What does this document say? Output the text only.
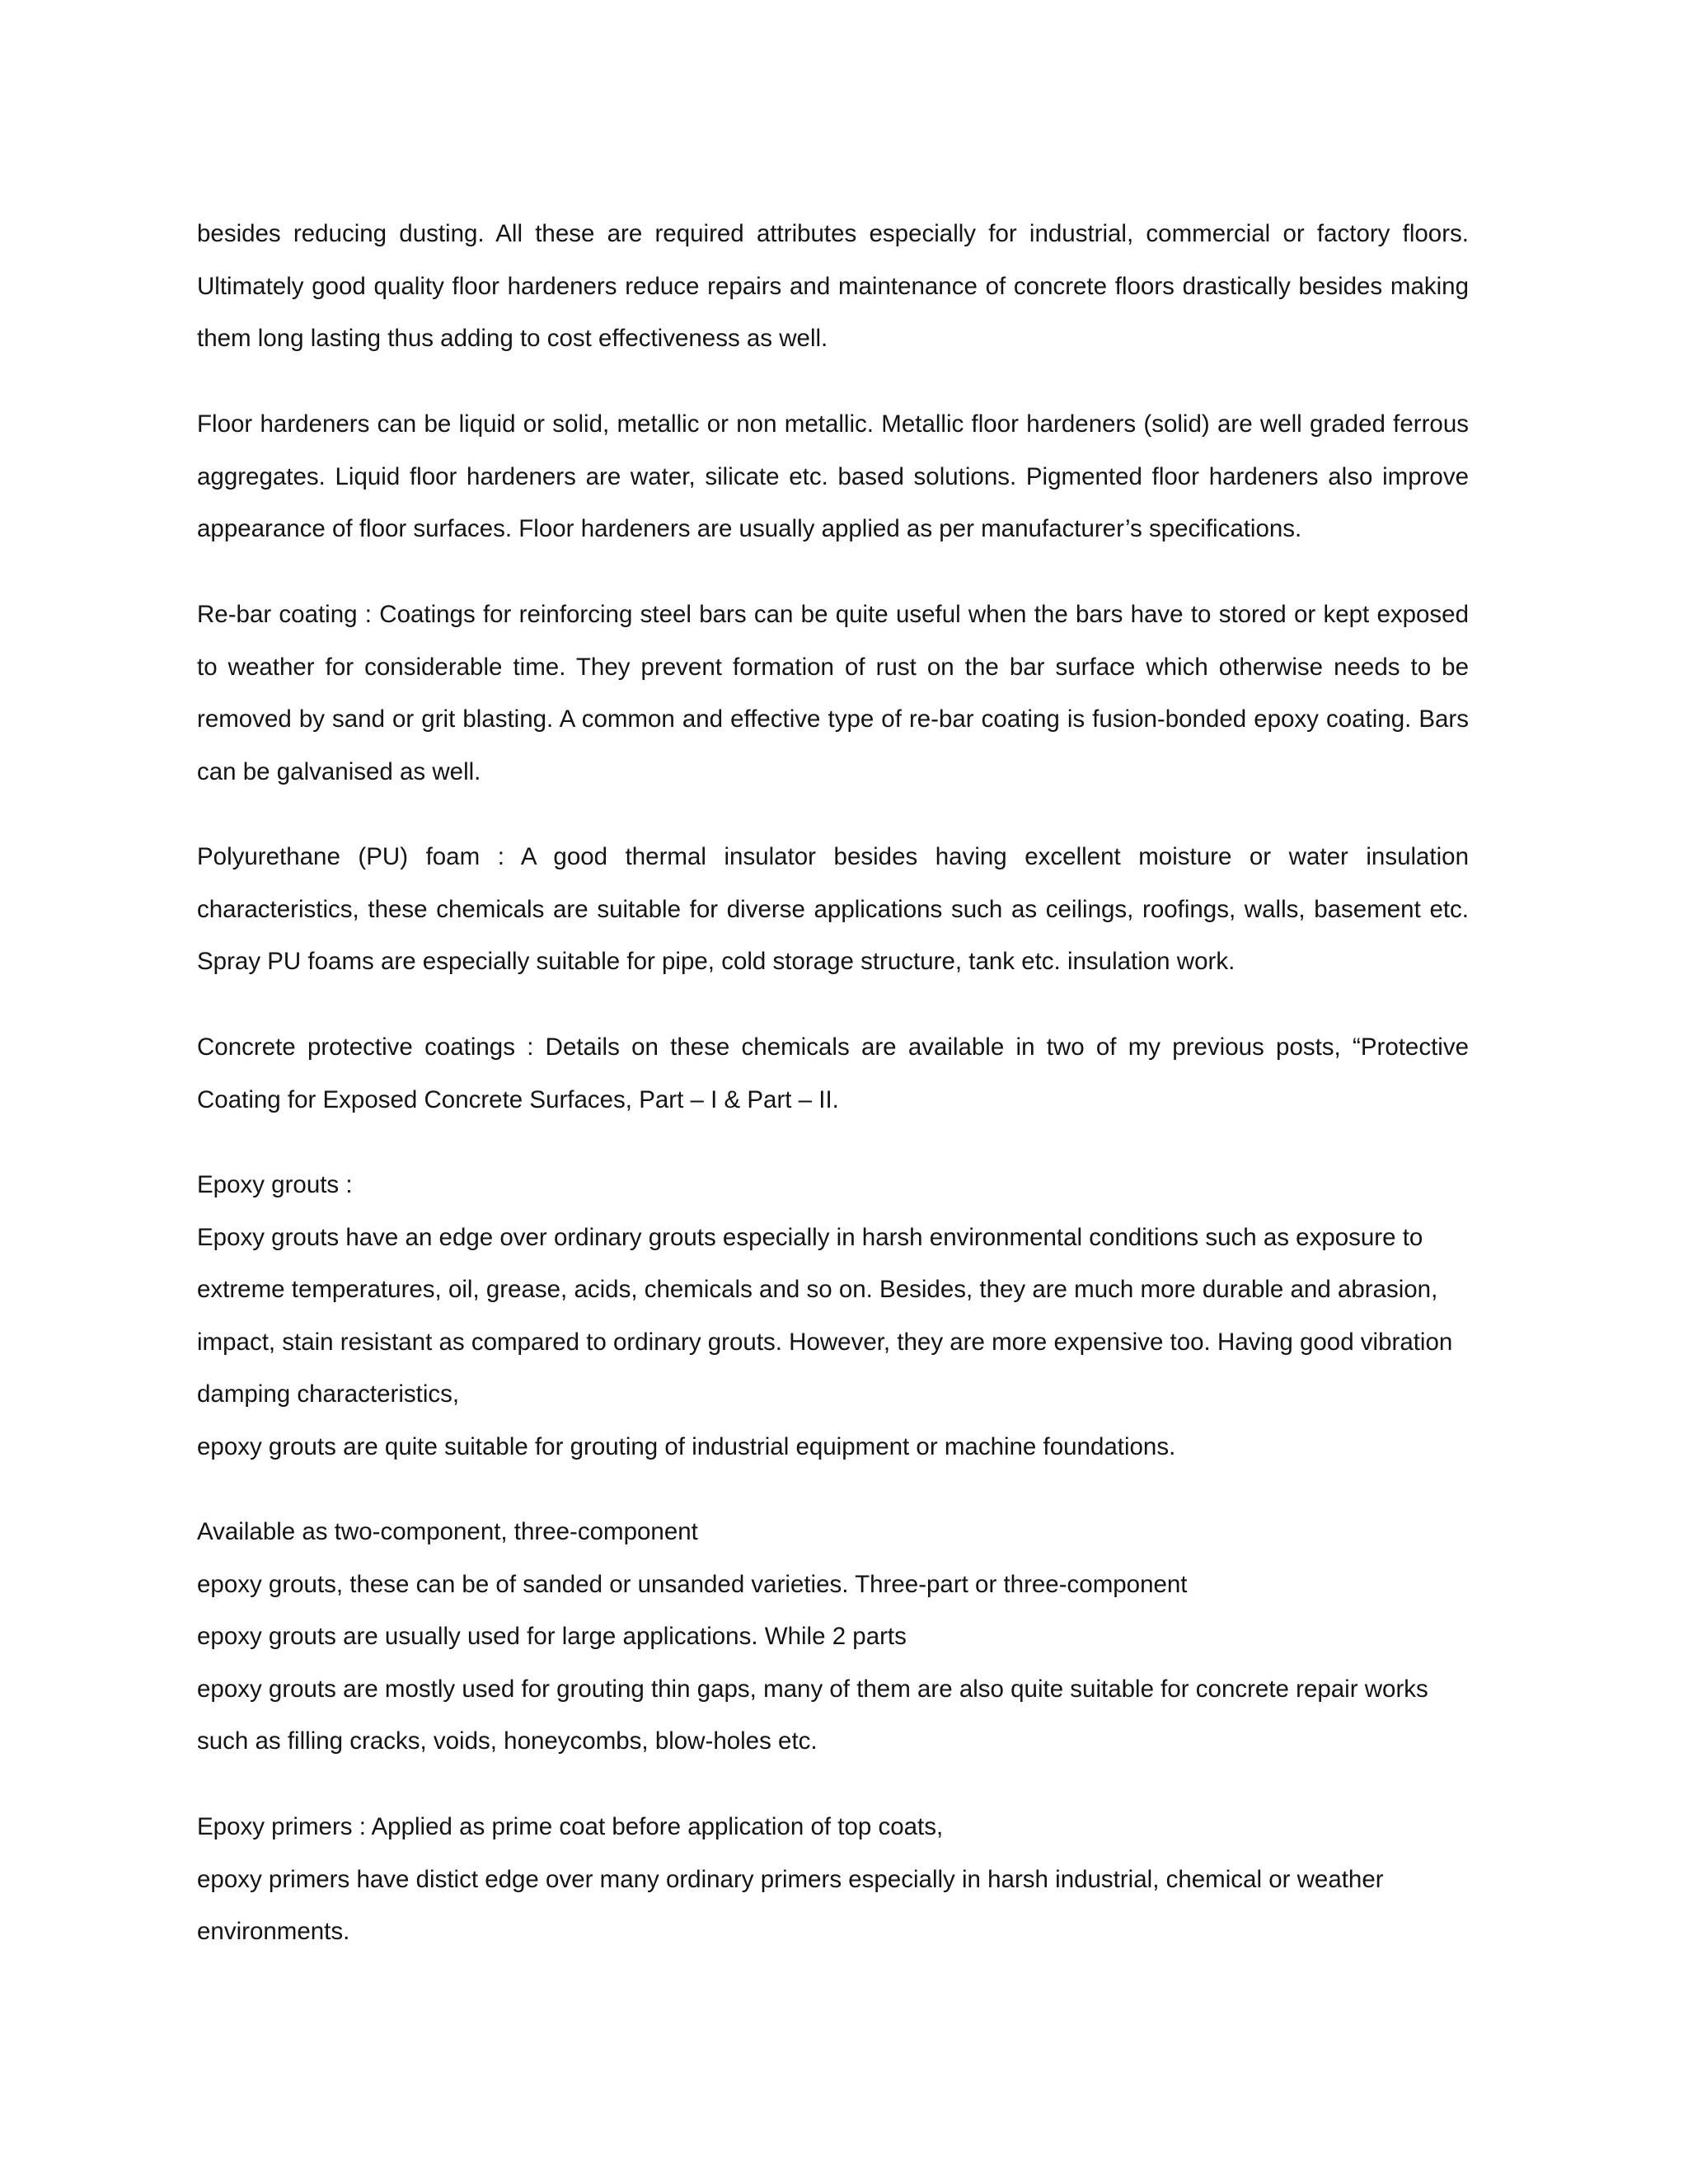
besides reducing dusting. All these are required attributes especially for industrial, commercial or factory floors. Ultimately good quality floor hardeners reduce repairs and maintenance of concrete floors drastically besides making them long lasting thus adding to cost effectiveness as well.

Floor hardeners can be liquid or solid, metallic or non metallic. Metallic floor hardeners (solid) are well graded ferrous aggregates. Liquid floor hardeners are water, silicate etc. based solutions. Pigmented floor hardeners also improve appearance of floor surfaces. Floor hardeners are usually applied as per manufacturer’s specifications.

Re-bar coating : Coatings for reinforcing steel bars can be quite useful when the bars have to stored or kept exposed to weather for considerable time. They prevent formation of rust on the bar surface which otherwise needs to be removed by sand or grit blasting. A common and effective type of re-bar coating is fusion-bonded epoxy coating. Bars can be galvanised as well.

Polyurethane (PU) foam : A good thermal insulator besides having excellent moisture or water insulation characteristics, these chemicals are suitable for diverse applications such as ceilings, roofings, walls, basement etc. Spray PU foams are especially suitable for pipe, cold storage structure, tank etc. insulation work.

Concrete protective coatings : Details on these chemicals are available in two of my previous posts, “Protective Coating for Exposed Concrete Surfaces, Part – I & Part – II.

Epoxy grouts :
Epoxy grouts have an edge over ordinary grouts especially in harsh environmental conditions such as exposure to
extreme temperatures, oil, grease, acids, chemicals and so on. Besides, they are much more durable and abrasion,
impact, stain resistant as compared to ordinary grouts. However, they are more expensive too. Having good vibration
damping characteristics,
epoxy grouts are quite suitable for grouting of industrial equipment or machine foundations.
Available as two-component, three-component
epoxy grouts, these can be of sanded or unsanded varieties. Three-part or three-component
epoxy grouts are usually used for large applications. While 2 parts
epoxy grouts are mostly used for grouting thin gaps, many of them are also quite suitable for concrete repair works
such as filling cracks, voids, honeycombs, blow-holes etc.
Epoxy primers : Applied as prime coat before application of top coats,
epoxy primers have distict edge over many ordinary primers especially in harsh industrial, chemical or weather
environments.
